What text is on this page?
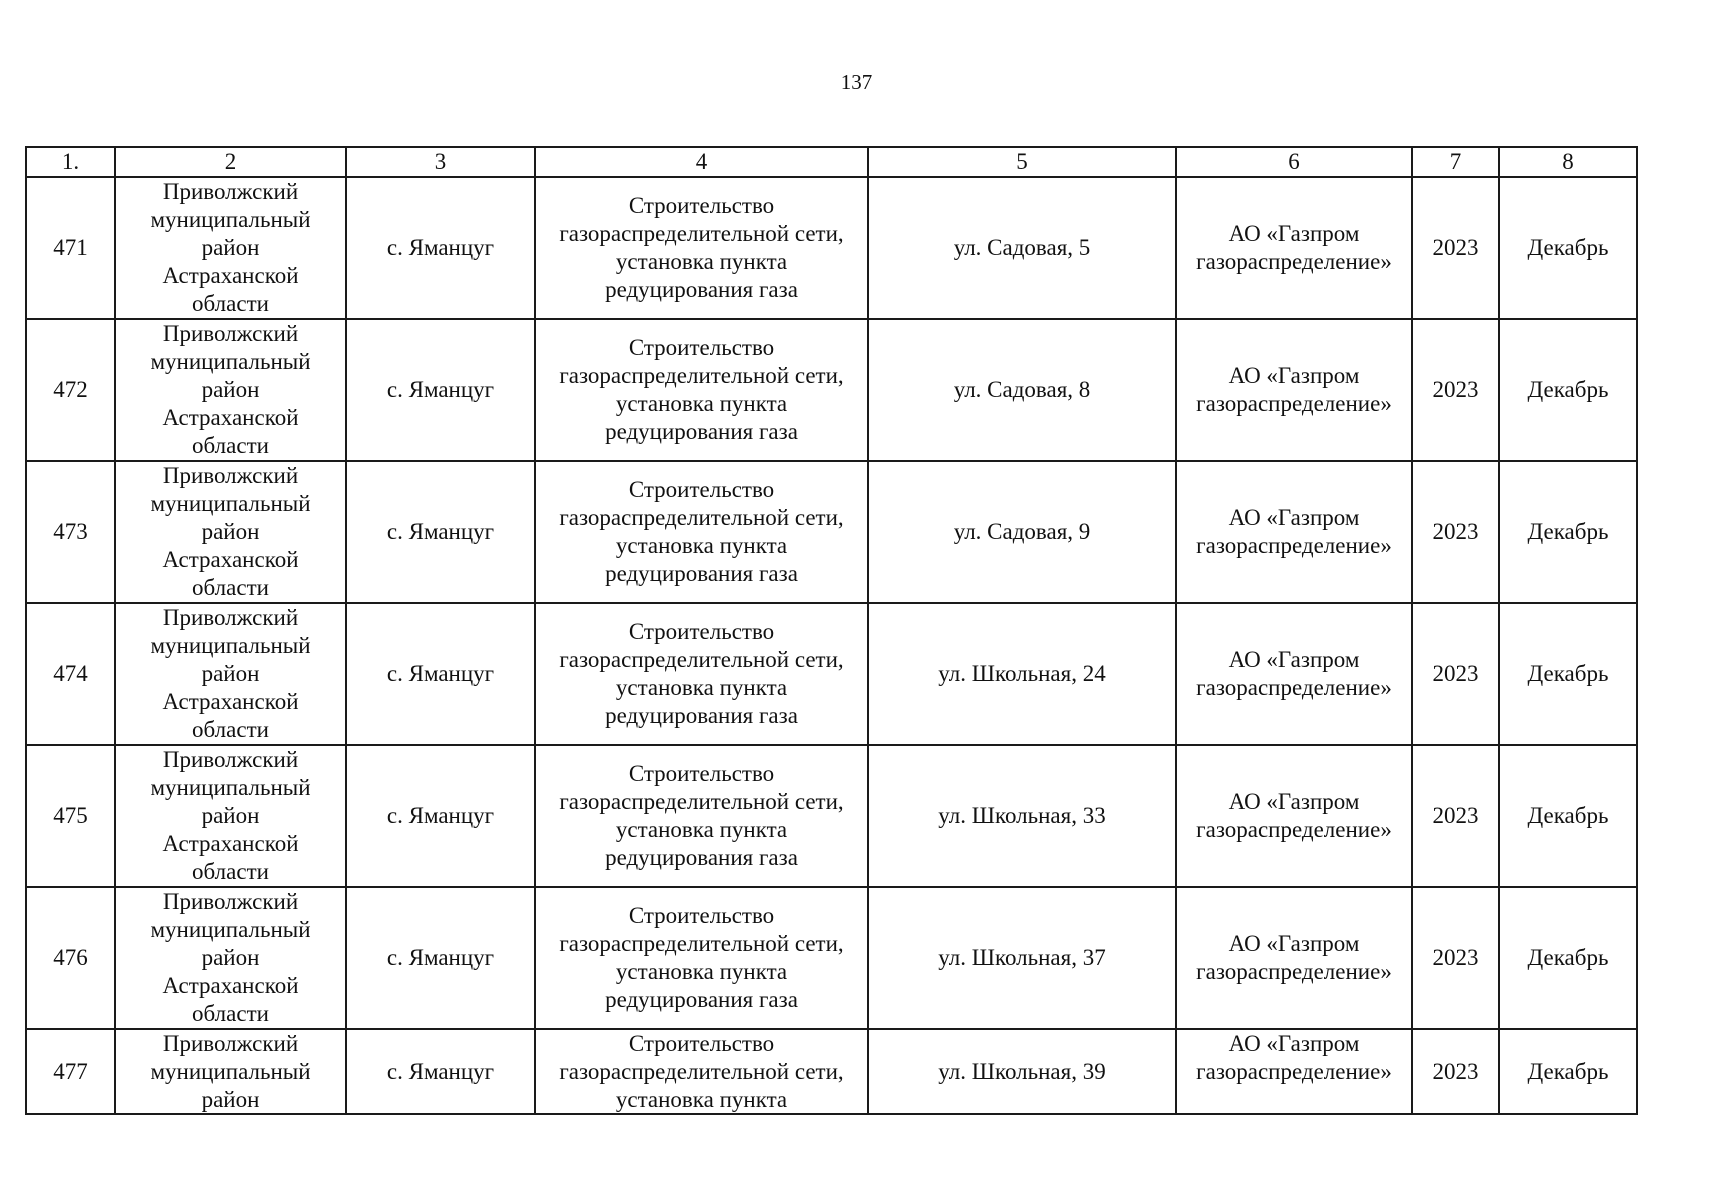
137
1.	2	3	4	5	6	7	8
471	Приволжский
муниципальный
район
Астраханской
области	с. Яманцуг	Строительство
газораспределительной сети,
установка пункта
редуцирования газа	ул. Садовая, 5	АО «Газпром
газораспределение»	2023	Декабрь
472	Приволжский
муниципальный
район
Астраханской
области	с. Яманцуг	Строительство
газораспределительной сети,
установка пункта
редуцирования газа	ул. Садовая, 8	АО «Газпром
газораспределение»	2023	Декабрь
473	Приволжский
муниципальный
район
Астраханской
области	с. Яманцуг	Строительство
газораспределительной сети,
установка пункта
редуцирования газа	ул. Садовая, 9	АО «Газпром
газораспределение»	2023	Декабрь
474	Приволжский
муниципальный
район
Астраханской
области	с. Яманцуг	Строительство
газораспределительной сети,
установка пункта
редуцирования газа	ул. Школьная, 24	АО «Газпром
газораспределение»	2023	Декабрь
475	Приволжский
муниципальный
район
Астраханской
области	с. Яманцуг	Строительство
газораспределительной сети,
установка пункта
редуцирования газа	ул. Школьная, 33	АО «Газпром
газораспределение»	2023	Декабрь
476	Приволжский
муниципальный
район
Астраханской
области	с. Яманцуг	Строительство
газораспределительной сети,
установка пункта
редуцирования газа	ул. Школьная, 37	АО «Газпром
газораспределение»	2023	Декабрь
477	Приволжский
муниципальный
район	с. Яманцуг	Строительство
газораспределительной сети,
установка пункта	ул. Школьная, 39	АО «Газпром
газораспределение»	2023	Декабрь
